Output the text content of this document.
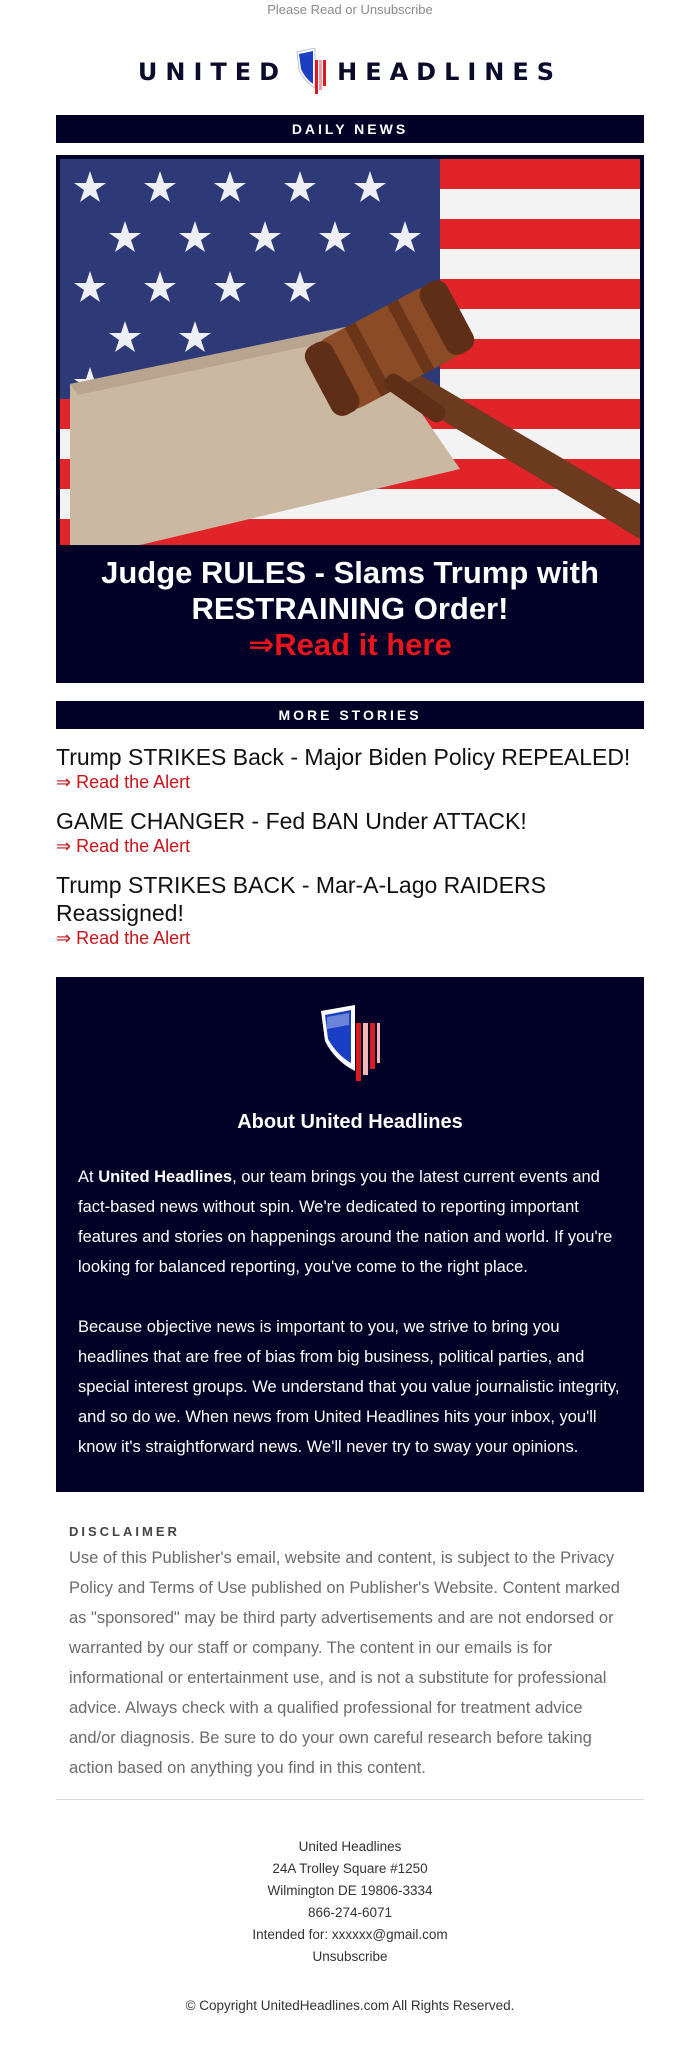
Please Read or Unsubscribe
UNITED HEADLINES
DAILY NEWS
Judge RULES - Slams Trump with RESTRAINING Order!
⇒Read it here
MORE STORIES
Trump STRIKES Back - Major Biden Policy REPEALED!
⇒ Read the Alert
GAME CHANGER - Fed BAN Under ATTACK!
⇒ Read the Alert
Trump STRIKES BACK - Mar-A-Lago RAIDERS Reassigned!
⇒ Read the Alert
About United Headlines

At United Headlines, our team brings you the latest current events and fact-based news without spin. We're dedicated to reporting important features and stories on happenings around the nation and world. If you're looking for balanced reporting, you've come to the right place.

Because objective news is important to you, we strive to bring you headlines that are free of bias from big business, political parties, and special interest groups. We understand that you value journalistic integrity, and so do we. When news from United Headlines hits your inbox, you'll know it's straightforward news. We'll never try to sway your opinions.

DISCLAIMER
Use of this Publisher's email, website and content, is subject to the Privacy Policy and Terms of Use published on Publisher's Website. Content marked as "sponsored" may be third party advertisements and are not endorsed or warranted by our staff or company. The content in our emails is for informational or entertainment use, and is not a substitute for professional advice. Always check with a qualified professional for treatment advice and/or diagnosis. Be sure to do your own careful research before taking action based on anything you find in this content.
United Headlines
24A Trolley Square #1250
Wilmington DE 19806-3334
866-274-6071
Intended for: xxxxxx@gmail.com
Unsubscribe
© Copyright UnitedHeadlines.com All Rights Reserved.
